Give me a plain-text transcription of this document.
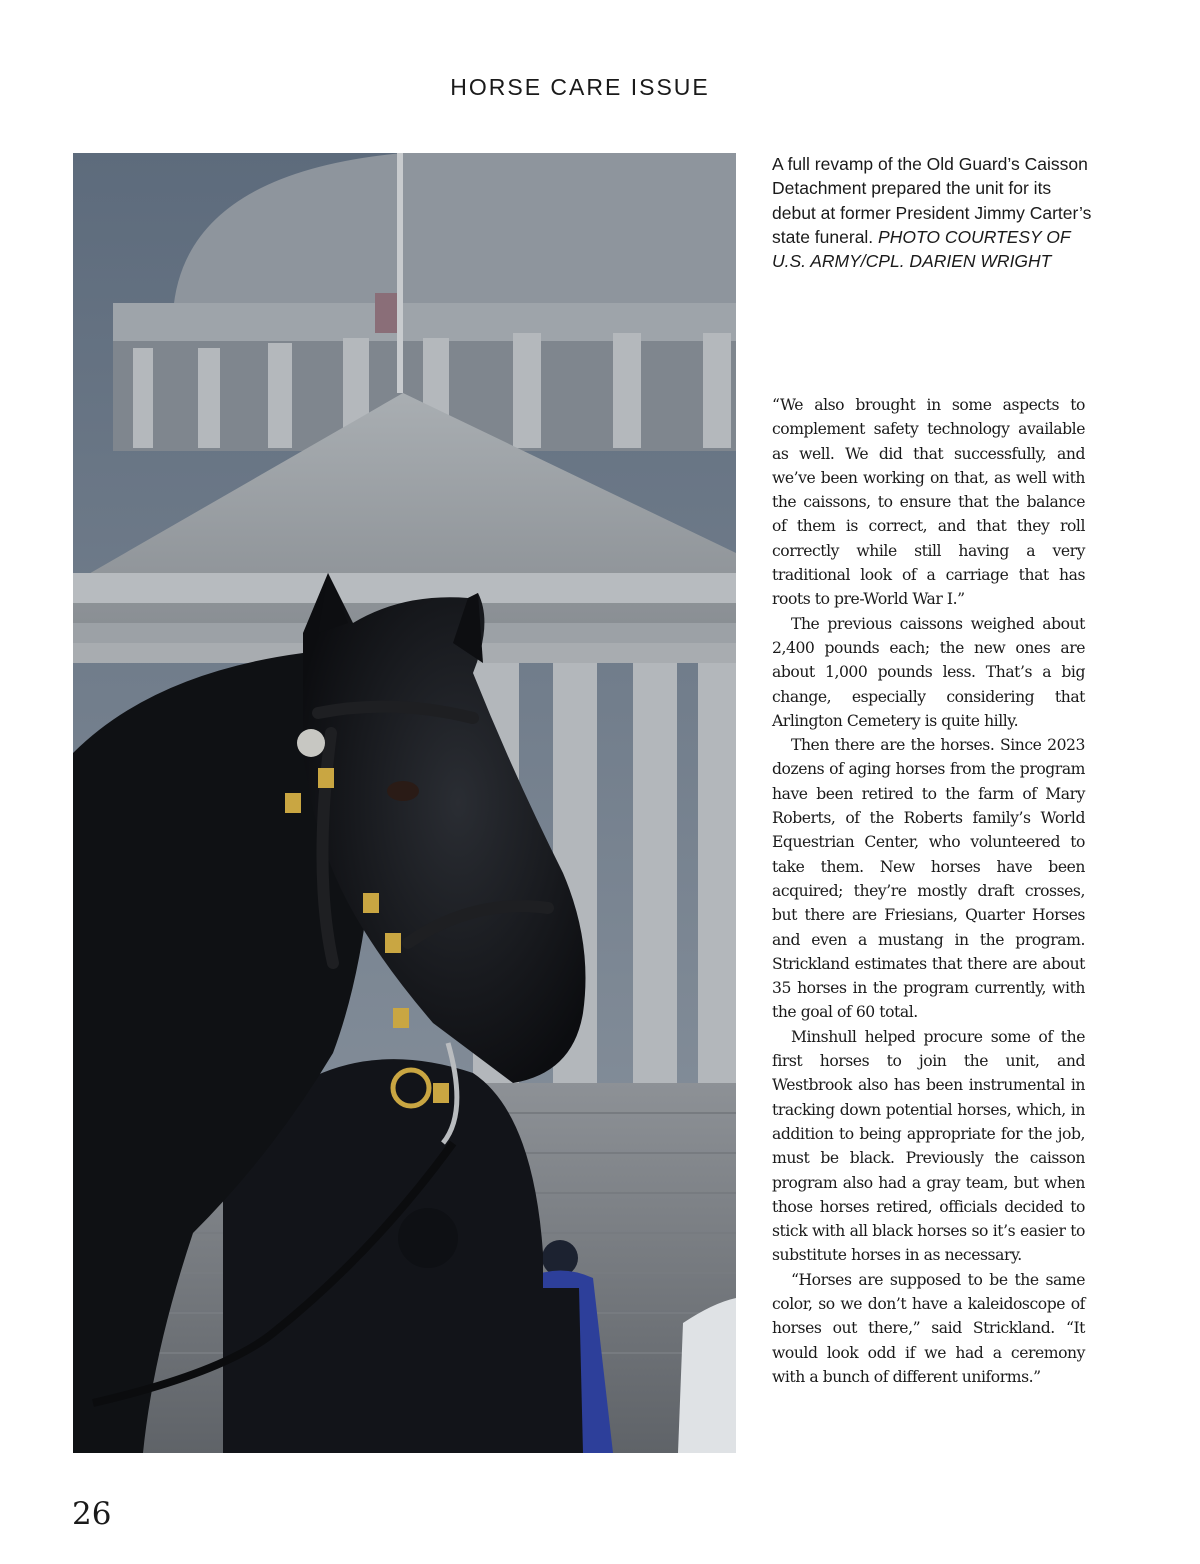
HORSE CARE ISSUE
A full revamp of the Old Guard’s Caisson Detachment prepared the unit for its debut at former President Jimmy Carter’s state funeral. PHOTO COURTESY OF U.S. ARMY/CPL. DARIEN WRIGHT

“We also brought in some aspects to complement safety technology available as well. We did that successfully, and we’ve been working on that, as well with the caissons, to ensure that the balance of them is correct, and that they roll correctly while still having a very traditional look of a carriage that has roots to pre-World War I.”

The previous caissons weighed about 2,400 pounds each; the new ones are about 1,000 pounds less. That’s a big change, especially considering that Arlington Cemetery is quite hilly.

Then there are the horses. Since 2023 dozens of aging horses from the program have been retired to the farm of Mary Roberts, of the Roberts family’s World Equestrian Center, who volunteered to take them. New horses have been acquired; they’re mostly draft crosses, but there are Friesians, Quarter Horses and even a mustang in the program. Strickland estimates that there are about 35 horses in the program currently, with the goal of 60 total.

Minshull helped procure some of the first horses to join the unit, and Westbrook also has been instrumental in tracking down potential horses, which, in addition to being appropriate for the job, must be black. Previously the caisson program also had a gray team, but when those horses retired, officials decided to stick with all black horses so it’s easier to substitute horses in as necessary.

“Horses are supposed to be the same color, so we don’t have a kaleidoscope of horses out there,” said Strickland. “It would look odd if we had a ceremony with a bunch of different uniforms.”

26
